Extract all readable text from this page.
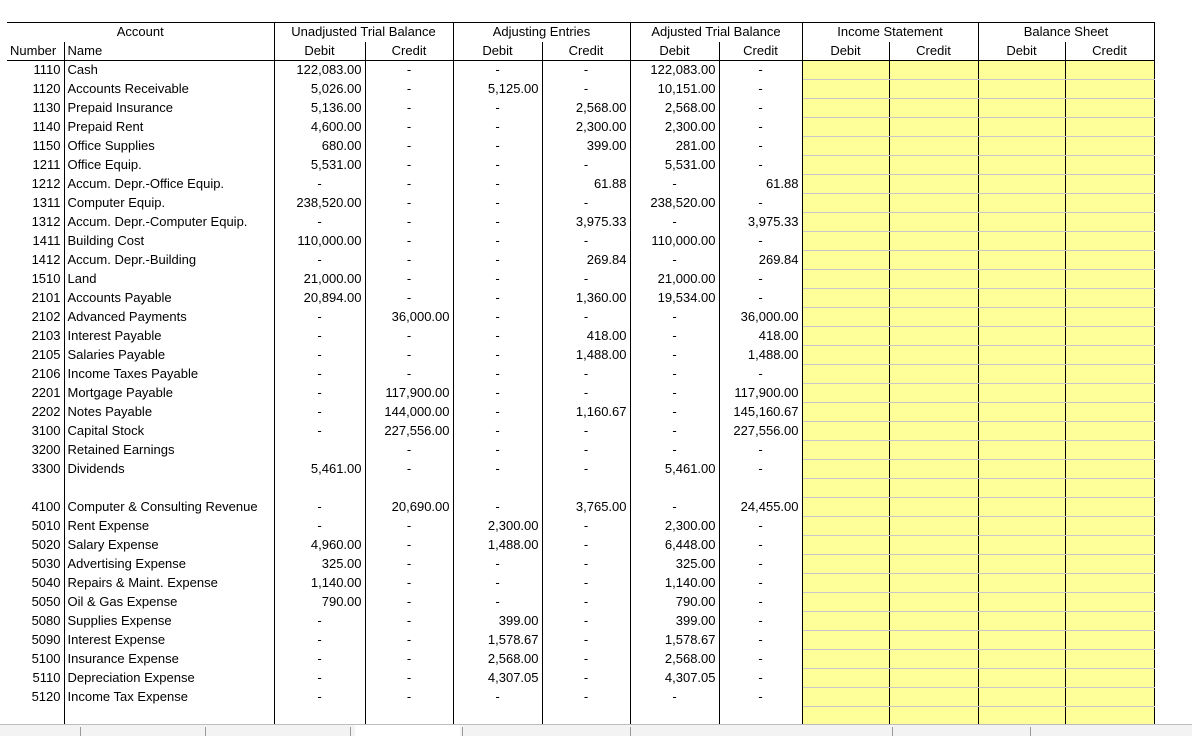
Account		Unadjusted Trial Balance		Adjusting Entries		Adjusted Trial Balance		Income Statement		Balance Sheet	
Number	Name	Debit	Credit	Debit	Credit	Debit	Credit	Debit	Credit	Debit	Credit
1110	Cash	122,083.00	-	-	-	122,083.00	-				
1120	Accounts Receivable	5,026.00	-	5,125.00	-	10,151.00	-				
1130	Prepaid Insurance	5,136.00	-	-	2,568.00	2,568.00	-				
1140	Prepaid Rent	4,600.00	-	-	2,300.00	2,300.00	-				
1150	Office Supplies	680.00	-	-	399.00	281.00	-				
1211	Office Equip.	5,531.00	-	-	-	5,531.00	-				
1212	Accum. Depr.-Office Equip.	-	-	-	61.88	-	61.88				
1311	Computer Equip.	238,520.00	-	-	-	238,520.00	-				
1312	Accum. Depr.-Computer Equip.	-	-	-	3,975.33	-	3,975.33				
1411	Building Cost	110,000.00	-	-	-	110,000.00	-				
1412	Accum. Depr.-Building	-	-	-	269.84	-	269.84				
1510	Land	21,000.00	-	-	-	21,000.00	-				
2101	Accounts Payable	20,894.00	-	-	1,360.00	19,534.00	-				
2102	Advanced Payments	-	36,000.00	-	-	-	36,000.00				
2103	Interest Payable	-	-	-	418.00	-	418.00				
2105	Salaries Payable	-	-	-	1,488.00	-	1,488.00				
2106	Income Taxes Payable	-	-	-	-	-	-				
2201	Mortgage Payable	-	117,900.00	-	-	-	117,900.00				
2202	Notes Payable	-	144,000.00	-	1,160.67	-	145,160.67				
3100	Capital Stock	-	227,556.00	-	-	-	227,556.00				
3200	Retained Earnings		-	-	-	-	-				
3300	Dividends	5,461.00	-	-	-	5,461.00	-				

4100	Computer & Consulting Revenue	-	20,690.00	-	3,765.00	-	24,455.00				
5010	Rent Expense	-	-	2,300.00	-	2,300.00	-				
5020	Salary Expense	4,960.00	-	1,488.00	-	6,448.00	-				
5030	Advertising Expense	325.00	-	-	-	325.00	-				
5040	Repairs & Maint. Expense	1,140.00	-	-	-	1,140.00	-				
5050	Oil & Gas Expense	790.00	-	-	-	790.00	-				
5080	Supplies Expense	-	-	399.00	-	399.00	-				
5090	Interest Expense	-	-	1,578.67	-	1,578.67	-				
5100	Insurance Expense	-	-	2,568.00	-	2,568.00	-				
5110	Depreciation Expense	-	-	4,307.05	-	4,307.05	-				
5120	Income Tax Expense	-	-	-	-	-	-				
